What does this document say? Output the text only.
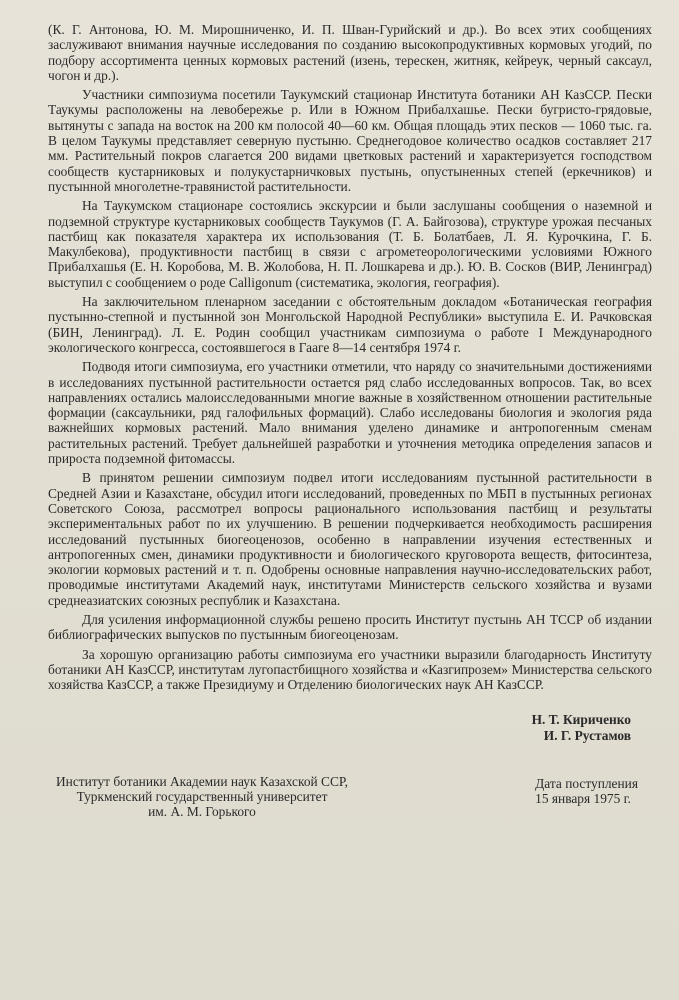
(К. Г. Антонова, Ю. М. Мирошниченко, И. П. Шван-Гурийский и др.). Во всех этих сообщениях заслуживают внимания научные исследования по созданию высокопродуктивных кормовых угодий, по подбору ассортимента ценных кормовых растений (изень, терескен, житняк, кейреук, черный саксаул, чогон и др.).

Участники симпозиума посетили Таукумский стационар Института ботаники АН КазССР. Пески Таукумы расположены на левобережье р. Или в Южном Прибалхашье. Пески бугристо-грядовые, вытянуты с запада на восток на 200 км полосой 40—60 км. Общая площадь этих песков — 1060 тыс. га. В целом Таукумы представляет северную пустыню. Среднегодовое количество осадков составляет 217 мм. Растительный покров слагается 200 видами цветковых растений и характеризуется господством сообществ кустарниковых и полукустарничковых пустынь, опустыненных степей (еркечников) и пустынной многолетне-травянистой растительности.

На Таукумском стационаре состоялись экскурсии и были заслушаны сообщения о наземной и подземной структуре кустарниковых сообществ Таукумов (Г. А. Байгозова), структуре урожая песчаных пастбищ как показателя характера их использования (Т. Б. Болатбаев, Л. Я. Курочкина, Г. Б. Макулбекова), продуктивности пастбищ в связи с агрометеорологическими условиями Южного Прибалхашья (Е. Н. Коробова, М. В. Жолобова, Н. П. Лошкарева и др.). Ю. В. Сосков (ВИР, Ленинград) выступил с сообщением о роде Calligonum (систематика, экология, география).

На заключительном пленарном заседании с обстоятельным докладом «Ботаническая география пустынно-степной и пустынной зон Монгольской Народной Республики» выступила Е. И. Рачковская (БИН, Ленинград). Л. Е. Родин сообщил участникам симпозиума о работе I Международного экологического конгресса, состоявшегося в Гааге 8—14 сентября 1974 г.

Подводя итоги симпозиума, его участники отметили, что наряду со значительными достижениями в исследованиях пустынной растительности остается ряд слабо исследованных вопросов. Так, во всех направлениях остались малоисследованными многие важные в хозяйственном отношении растительные формации (саксаульники, ряд галофильных формаций). Слабо исследованы биология и экология ряда важнейших кормовых растений. Мало внимания уделено динамике и антропогенным сменам растительных растений. Требует дальнейшей разработки и уточнения методика определения запасов и прироста подземной фитомассы.

В принятом решении симпозиум подвел итоги исследованиям пустынной растительности в Средней Азии и Казахстане, обсудил итоги исследований, проведенных по МБП в пустынных регионах Советского Союза, рассмотрел вопросы рационального использования пастбищ и результаты экспериментальных работ по их улучшению. В решении подчеркивается необходимость расширения исследований пустынных биогеоценозов, особенно в направлении изучения естественных и антропогенных смен, динамики продуктивности и биологического круговорота веществ, фитосинтеза, экологии кормовых растений и т. п. Одобрены основные направления научно-исследовательских работ, проводимые институтами Академий наук, институтами Министерств сельского хозяйства и вузами среднеазиатских союзных республик и Казахстана.

Для усиления информационной службы решено просить Институт пустынь АН ТССР об издании библиографических выпусков по пустынным биогеоценозам.

За хорошую организацию работы симпозиума его участники выразили благодарность Институту ботаники АН КазССР, институтам лугопастбищного хозяйства и «Казгипрозем» Министерства сельского хозяйства КазССР, а также Президиуму и Отделению биологических наук АН КазССР.

Н. Т. Кириченко
И. Г. Рустамов
Институт ботаники Академии наук Казахской ССР,
Туркменский государственный университет
им. А. М. Горького
Дата поступления
15 января 1975 г.
